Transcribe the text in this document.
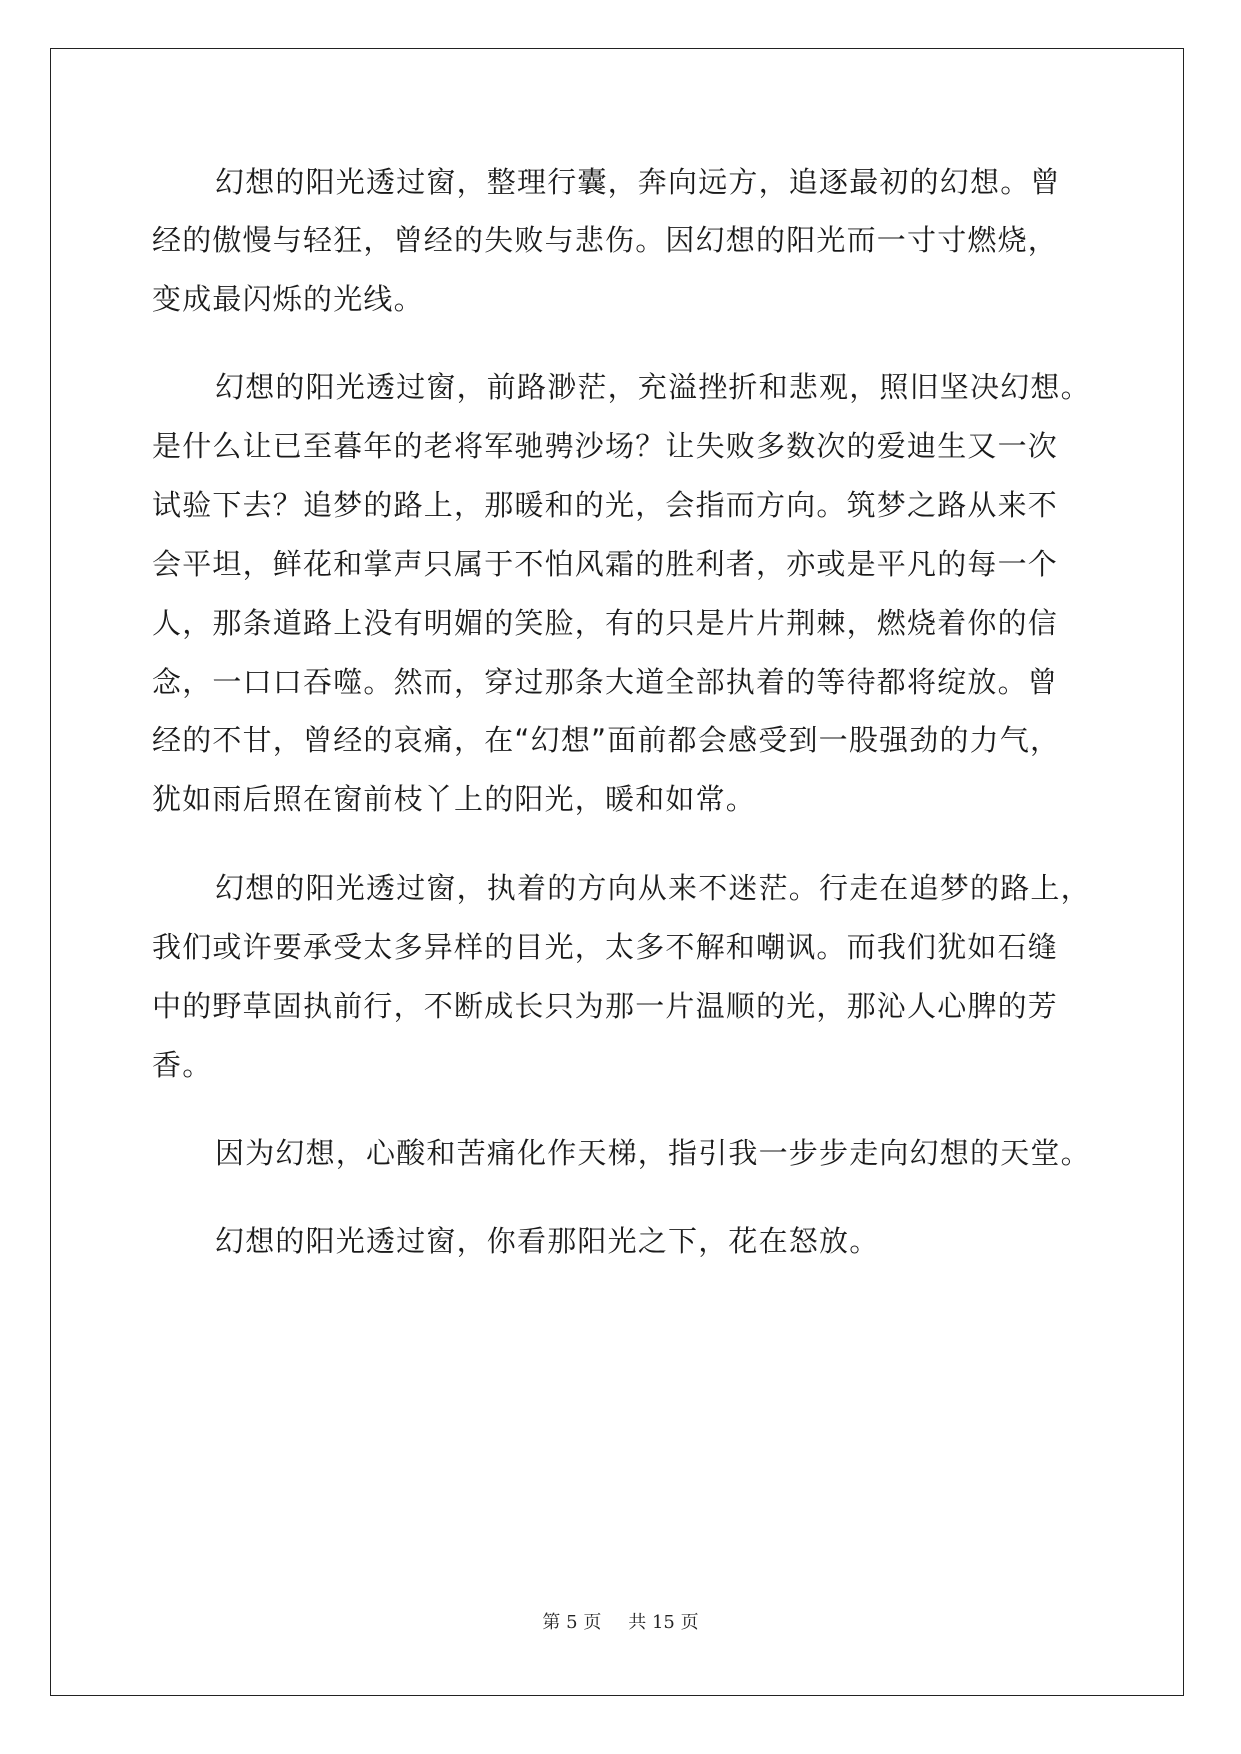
幻想的阳光透过窗，整理行囊，奔向远方，追逐最初的幻想。曾
经的傲慢与轻狂，曾经的失败与悲伤。因幻想的阳光而一寸寸燃烧，
变成最闪烁的光线。
幻想的阳光透过窗，前路渺茫，充溢挫折和悲观，照旧坚决幻想。
是什么让已至暮年的老将军驰骋沙场？让失败多数次的爱迪生又一次
试验下去？追梦的路上，那暖和的光，会指而方向。筑梦之路从来不
会平坦，鲜花和掌声只属于不怕风霜的胜利者，亦或是平凡的每一个
人，那条道路上没有明媚的笑脸，有的只是片片荆棘，燃烧着你的信
念，一口口吞噬。然而，穿过那条大道全部执着的等待都将绽放。曾
经的不甘，曾经的哀痛，在“幻想”面前都会感受到一股强劲的力气，
犹如雨后照在窗前枝丫上的阳光，暖和如常。
幻想的阳光透过窗，执着的方向从来不迷茫。行走在追梦的路上，
我们或许要承受太多异样的目光，太多不解和嘲讽。而我们犹如石缝
中的野草固执前行，不断成长只为那一片温顺的光，那沁人心脾的芳
香。
因为幻想，心酸和苦痛化作天梯，指引我一步步走向幻想的天堂。
幻想的阳光透过窗，你看那阳光之下，花在怒放。
第 5 页 共 15 页
